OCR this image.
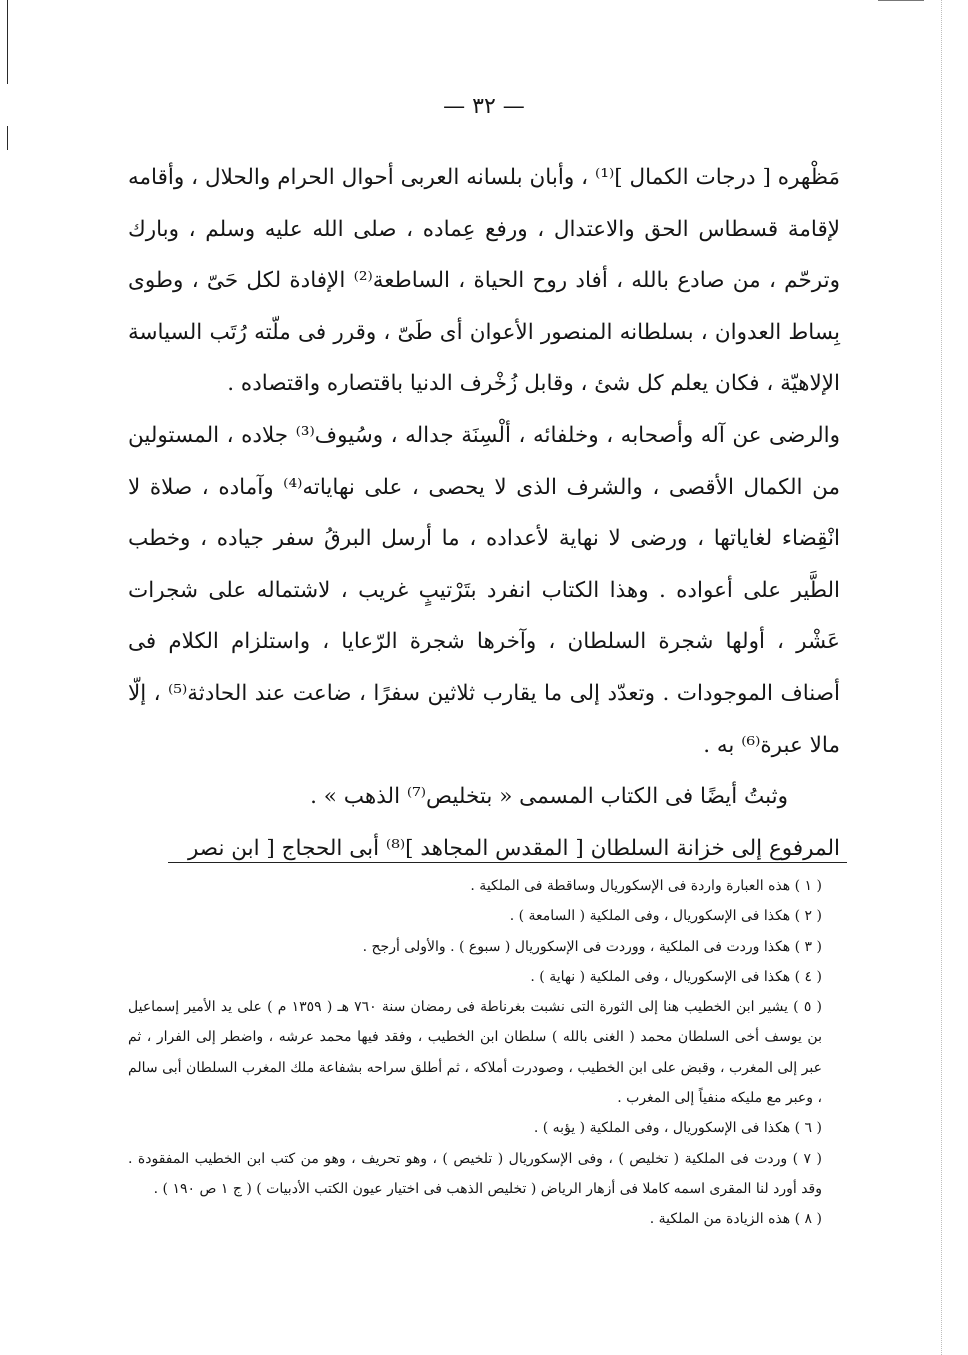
— ٣٢ —

مَظْهره [ درجات الكمال ]⁽¹⁾ ، وأبان بلسانه العربى أحوال الحرام والحلال ، وأقامه لإقامة قسطاس الحق والاعتدال ، ورفع عِماده ، صلى الله عليه وسلم ، وبارك وترحّم ، من صادع بالله ، أفاد روح الحياة ، الساطعة⁽²⁾ الإفادة لكل حَىّ ، وطوى بِساط العدوان ، بسلطانه المنصور الأعوان أى طَىّ ، وقرر فى ملّته رُتَب السياسة الإلاهيّة ، فكان يعلم كل شئ ، وقابل زُخْرف الدنيا باقتصاره واقتصاده .

والرضى عن آله وأصحابه ، وخلفائه ، ألْسِنَة جداله ، وسُيوف⁽³⁾ جلاده ، المستولين من الكمال الأقصى ، والشرف الذى لا يحصى ، على نهاياته⁽⁴⁾ وآماده ، صلاة لا انْقِضاء لغاياتها ، ورضى لا نهاية لأعداده ، ما أرسل البرقُ سفر جياده ، وخطب الطَّير على أعواده . وهذا الكتاب انفرد بتَرْتيبٍ غريب ، لاشتماله على شجرات عَشْر ، أولها شجرة السلطان ، وآخرها شجرة الرّعايا ، واستلزام الكلام فى أصناف الموجودات . وتعدّد إلى ما يقارب ثلاثين سفرًا ، ضاعت عند الحادثة⁽⁵⁾ ، إلّا مالا عبرة⁽⁶⁾ به .

وثبتُ أيضًا فى الكتاب المسمى « بتخليص⁽⁷⁾ الذهب » .

المرفوع إلى خزانة السلطان [ المقدس المجاهد ]⁽⁸⁾ أبى الحجاج [ ابن نصر

( ١ ) هذه العبارة واردة فى الإسكوريال وساقطة فى الملكية .

( ٢ ) هكذا فى الإسكوريال ، وفى الملكية ( السامعة ) .

( ٣ ) هكذا وردت فى الملكية ، ووردت فى الإسكوريال ( سبوع ) . والأولى أرجح .

( ٤ ) هكذا فى الإسكوريال ، وفى الملكية ( نهاية ) .

( ٥ ) يشير ابن الخطيب هنا إلى الثورة التى نشبت بغرناطة فى رمضان سنة ٧٦٠ هـ ( ١٣٥٩ م ) على يد الأمير إسماعيل بن يوسف أخى السلطان محمد ( الغنى بالله ) سلطان ابن الخطيب ، وفقد فيها محمد عرشه ، واضطر إلى الفرار ، ثم عبر إلى المغرب ، وقبض على ابن الخطيب ، وصودرت أملاكه ، ثم أطلق سراحه بشفاعة ملك المغرب السلطان أبى سالم ، وعبر مع مليكه منفياً إلى المغرب .

( ٦ ) هكذا فى الإسكوريال ، وفى الملكية ( يؤبه ) .

( ٧ ) وردت فى الملكية ( تخليص ) ، وفى الإسكوريال ( تلخيص ) ، وهو تحريف ، وهو من كتب ابن الخطيب المفقودة . وقد أورد لنا المقرى اسمه كاملا فى أزهار الرياض ( تخليص الذهب فى اختيار عيون الكتب الأدبيات ) ( ج ١ ص ١٩٠ ) .

( ٨ ) هذه الزيادة من الملكية .
